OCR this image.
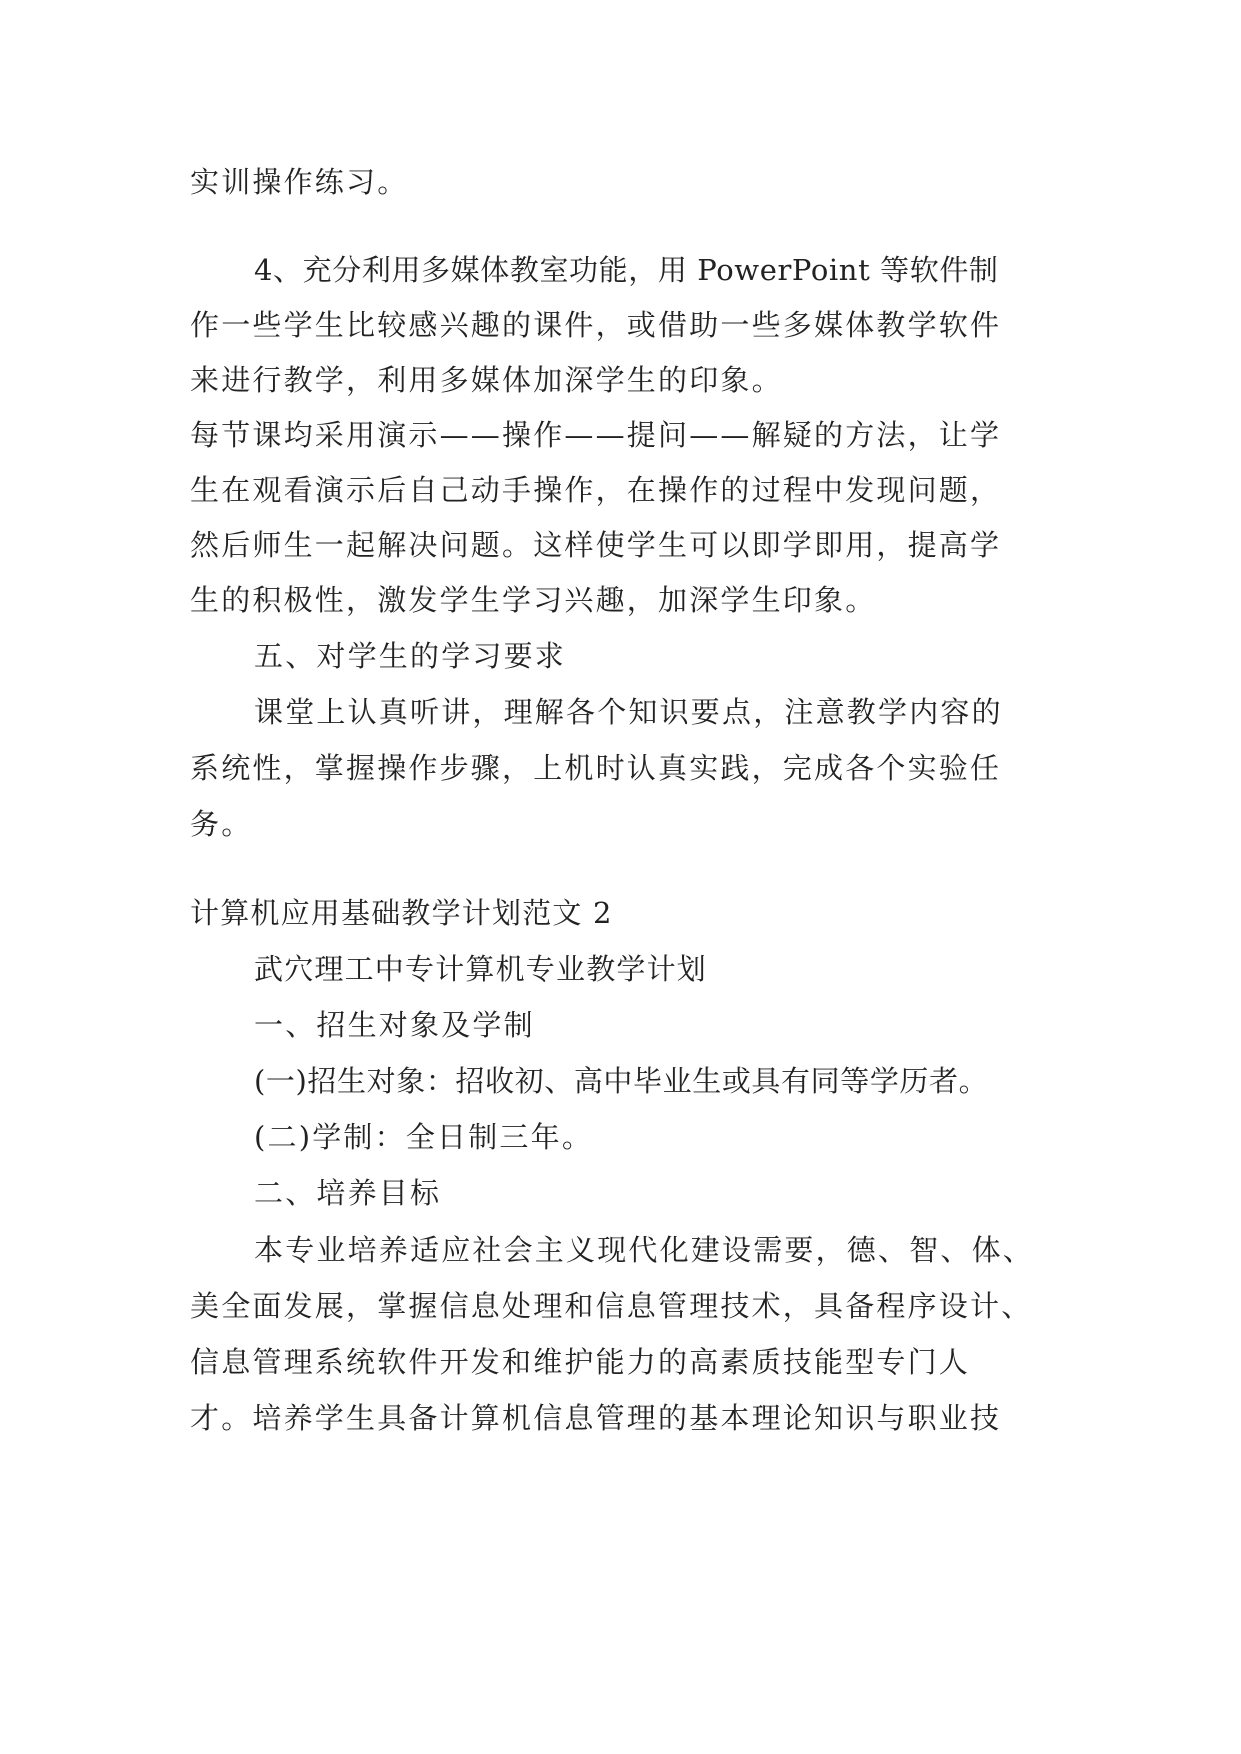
实训操作练习。

4、充分利用多媒体教室功能，用 PowerPoint 等软件制

作一些学生比较感兴趣的课件，或借助一些多媒体教学软件

来进行教学，利用多媒体加深学生的印象。

每节课均采用演示——操作——提问——解疑的方法，让学

生在观看演示后自己动手操作，在操作的过程中发现问题，

然后师生一起解决问题。这样使学生可以即学即用，提高学

生的积极性，激发学生学习兴趣，加深学生印象。

五、对学生的学习要求

课堂上认真听讲，理解各个知识要点，注意教学内容的

系统性，掌握操作步骤，上机时认真实践，完成各个实验任

务。

计算机应用基础教学计划范文 2

武穴理工中专计算机专业教学计划

一、招生对象及学制

(一)招生对象：招收初、高中毕业生或具有同等学历者。

(二)学制：全日制三年。

二、培养目标

本专业培养适应社会主义现代化建设需要，德、智、体、

美全面发展，掌握信息处理和信息管理技术，具备程序设计、

信息管理系统软件开发和维护能力的高素质技能型专门人

才。培养学生具备计算机信息管理的基本理论知识与职业技
